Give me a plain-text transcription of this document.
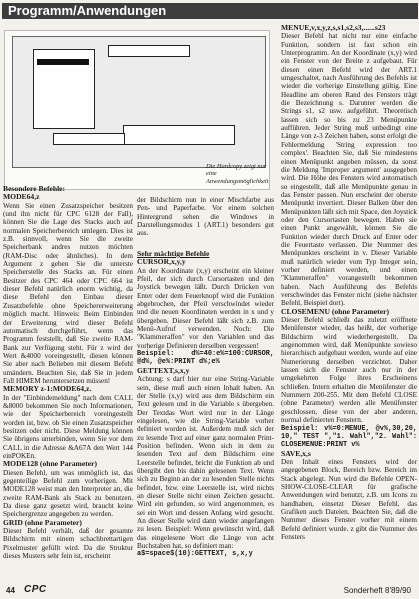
Programm/Anwendungen
Die Hardcopy zeigt nur eine Anwendungsmöglichkeit

Besondere Befehle:

MODE64,z

Wenn Sie einen Zusatzspeicher besitzen (und ihn nicht für CPC 6128 der Fall), können Sie die Lage des Stacks auch auf normalen Speicherbereich umlegen. Dies ist z.B. sinnvoll, wenn Sie die zweite Speicherbank andres nutzen möchten (RAM-Disc oder ähnliches). In dem Argument z geben Sie die unterste Speicherstelle des Stacks an. Für einen Besitzer des CPC 464 oder CPC 664 ist dieser Befehl natürlich enorm wichtig, da diese Befehl den Einbau dieser Zusatzbefehle ohne Speichererweiterung möglich macht. Hinweis: Beim Einbinden der Erweiterung wird dieser Befehl automatisch durchgeführt, wenn das Programm feststellt, daß Sie zweite RAM-Bank zur Verfügung steht. Für z wird der Wert &4000 voreingestellt, diesen können Sie aber nach Belieben mit diesem Befehl umändern. Beachten Sie, daß Sie in jedem Fall HIMEM heruntersetzen müssen!

MEMORY z-1:MODE64,z.

In der "Einbindemeldung" nach dem CALL &8000 bekommen Sie noch Informationen, wie der Speicherbereich voreingestellt worden ist, bzw. ob Sie einen Zusatzspeicher besitzen oder nicht. Diese Meldung können Sie übrigens unterbinden, wenn Sie vor dem CALL in die Adresse &A67A den Wert 144 einPOKEn.

MODE128 (ohne Parameter)

Diesen Befehl, um was unmöglich ist, das gegenteilige Befehl zum vorherigen. Mit MODE128 weist man den Interpreter an, die zweite RAM-Bank als Stack zu benutzen. Da diese ganz gesetzt wird, braucht keine Speichergrenze angegeben zu werden.

GRID (ohne Parameter)

Dieser Befehl verhält, daß der gesamte Bildschirm mit einem schachbrettartigen Pixelmuster gefüllt wird. Da die Struktur dieses Musters sehr fein ist, erscheint

der Bildschirm nun in einer Mischfarbe aus Pen- und Paperfarbe. Vor einem solchen Hintergrund sehen die Windows in Darstellungsmodus 1 (ART.1) besonders gut aus.

Sehr mächtige Befehle

CURSOR,x,y,y

An der Koordinate (x,y) erscheint ein kleiner Pfeil, der sich durch Cursortasten und den Joystick bewegen läßt. Durch Drücken von Enter oder dem Feuerknopf wird die Funktion abgebrochen, der Pfeil verschwindet wieder und die neuen Koordinaten werden in x und y übergeben. Dieser Befehl läßt sich z.B. zum Menü-Aufruf verwenden. Noch: Die "Klammeraffen" vor den Variablen und das vorherige Definieren derselben vergessen!

Beispiel: d%=40:e%=100:CURSOR, @d%, @e%:PRINT d%;e%

GETTEXT,s,x,y

Achtung: s darf hier nur eine String-Variable sein, diese muß auch einen Inhalt haben. An der Stelle (x,y) wird aus dem Bildschirm ein Text gelesen und in die Variable s übergeben. Der Textdas Wort wird nur in der Länge eingelesen, wie die String-Variable vorher definiert worden ist. Außerdem muß sich der zu lesende Text auf einer ganz normalen Print-Position befinden. Wenn sich in dem zu lesenden Text auf dem Bildschirm eine Leerstelle befindet, bricht die Funktion ab und übergibt den bis dahin gelesenen Text. Wenn sich zu Beginn an der zu lesenden Stelle nichts befindet, bzw. eine Leerstelle ist, wird nichts an dieser Stelle nicht einen Zeichen gesucht. Wird ein gefunden, so wird angenommen, es sei ein Wort und dessen Anfang wird gesucht. An dieser Stelle wird dann wieder angefangen zu lesen. Beispiel: Wenn gewünscht wird, daß das eingelesene Wort die Länge von acht Buchstaben hat, so definiert man:

a$=space$(10):GETTEXT, s,x,y

MENUE,v,x,y,z,s,s1,s2,s3,......s23

Dieser Befehl hat nicht nur eine einfache Funktion, sondern ist fast schon ein Unterprogramm. An der Koordinate (x,y) wird ein Fenster von der Breite z aufgebaut. Für diesen einen Befehl wird der ART.1 umgeschaltet, nach Ausführung des Befehls ist wieder die vorherige Einstellung gültig. Eine Headline am oberen Rand des Fensters trägt die Bezeichnung s. Darunter werden die Strings s1, s2 usw. aufgeführt. Theoretisch lassen sich so bis zu 23 Menüpunkte aufführen. Jeder String muß unbedingt eine Länge von z-3 Zeichen haben, sonst erfolgt die Fehlermeldung 'String expression too complex'. Beachten Sie, daß Sie mindestens einen Menüpunkt angeben müssen, da sonst die Meldung 'Improper argument' ausgegeben wird. Die Höhe des Fensters wird automatisch so eingestellt, daß alle Menüpunkte genau in das Fenster passen. Nun erscheint der oberste Menüpunkt invertiert. Dieser Balken über den Menüpunkten läßt sich mit Space, den Joystick oder den Cursortasten bewegen. Haben sie einen Punkt angewählt, können Sie die Funktion wieder durch Druck auf Enter oder die Feuertaste verlassen. Die Nummer des Menüpunktes erscheint in v. Dieser Variable muß natürlich wieder vom Typ Integer sein, vorher definiert werden, und einen "Klammeraffen" vorangestellt bekommen haben. Nach Ausführung des Befehls verschwindet das Fenster nicht (siehe nächster Befehl, Beispiel dort).

CLOSEMENU (ohne Parameter)

Dieser Befehl schließt das zuletzt eröffnete Menüfenster wieder, das heißt, der vorherige Bildschirm wird wiederhergestellt. Da angenommen wird, daß Menüpunkte sowieso hierarchisch aufgebaut werden, wurde auf eine Numerierung derselben verzichtet. Daher lassen sich die Fenster auch nur in der umgekehrten Folge ihres Erscheinens schließen. Intern erhalten die Menüfenster die Nummern 200-255. Mit dem Befehl CLOSE (ohne Parameter) werden alle Menüfenster geschlossen, diese von der aber anderen, normal definierten Fenstern.

Beispiel: v%=0:MENUE, @v%,30,20, 10," TEST ","1. Wahl","2. Wahl": CLOSEMENUE:PRINT v%

SAVE,x,s

Den Inhalt eines Fensters wird der angegebenen Block, Bereich bzw. Bereich im Stack abgelegt. Nun wird die Befehle OPEN-SHOW-CLOSE-CLEAR für grafische Anwendungen wird benutzt, z.B. um Icons zu handhaben, einsetzt Dieser Befehl, das Grafiken auch Dateien. Beachten Sie, daß die Nummer dieses Fenster vorher mit einem Befehl definiert wurde. z gibt die Nummer des Fensters

44 CPC	Sonderheft 8'89/90
